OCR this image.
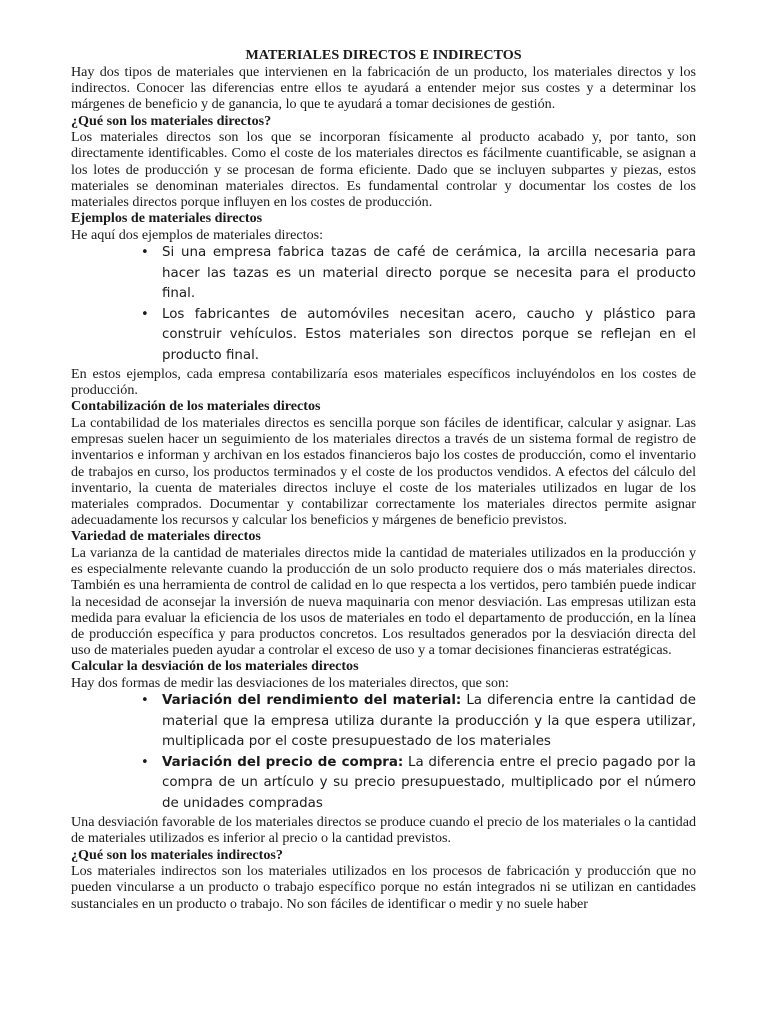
MATERIALES DIRECTOS E INDIRECTOS

Hay dos tipos de materiales que intervienen en la fabricación de un producto, los materiales directos y los indirectos. Conocer las diferencias entre ellos te ayudará a entender mejor sus costes y a determinar los márgenes de beneficio y de ganancia, lo que te ayudará a tomar decisiones de gestión.

¿Qué son los materiales directos?

Los materiales directos son los que se incorporan físicamente al producto acabado y, por tanto, son directamente identificables. Como el coste de los materiales directos es fácilmente cuantificable, se asignan a los lotes de producción y se procesan de forma eficiente. Dado que se incluyen subpartes y piezas, estos materiales se denominan materiales directos. Es fundamental controlar y documentar los costes de los materiales directos porque influyen en los costes de producción.

Ejemplos de materiales directos

He aquí dos ejemplos de materiales directos:

• Si una empresa fabrica tazas de café de cerámica, la arcilla necesaria para hacer las tazas es un material directo porque se necesita para el producto final.
• Los fabricantes de automóviles necesitan acero, caucho y plástico para construir vehículos. Estos materiales son directos porque se reflejan en el producto final.

En estos ejemplos, cada empresa contabilizaría esos materiales específicos incluyéndolos en los costes de producción.

Contabilización de los materiales directos

La contabilidad de los materiales directos es sencilla porque son fáciles de identificar, calcular y asignar. Las empresas suelen hacer un seguimiento de los materiales directos a través de un sistema formal de registro de inventarios e informan y archivan en los estados financieros bajo los costes de producción, como el inventario de trabajos en curso, los productos terminados y el coste de los productos vendidos. A efectos del cálculo del inventario, la cuenta de materiales directos incluye el coste de los materiales utilizados en lugar de los materiales comprados. Documentar y contabilizar correctamente los materiales directos permite asignar adecuadamente los recursos y calcular los beneficios y márgenes de beneficio previstos.

Variedad de materiales directos

La varianza de la cantidad de materiales directos mide la cantidad de materiales utilizados en la producción y es especialmente relevante cuando la producción de un solo producto requiere dos o más materiales directos. También es una herramienta de control de calidad en lo que respecta a los vertidos, pero también puede indicar la necesidad de aconsejar la inversión de nueva maquinaria con menor desviación. Las empresas utilizan esta medida para evaluar la eficiencia de los usos de materiales en todo el departamento de producción, en la línea de producción específica y para productos concretos. Los resultados generados por la desviación directa del uso de materiales pueden ayudar a controlar el exceso de uso y a tomar decisiones financieras estratégicas.

Calcular la desviación de los materiales directos

Hay dos formas de medir las desviaciones de los materiales directos, que son:

• Variación del rendimiento del material: La diferencia entre la cantidad de material que la empresa utiliza durante la producción y la que espera utilizar, multiplicada por el coste presupuestado de los materiales
• Variación del precio de compra: La diferencia entre el precio pagado por la compra de un artículo y su precio presupuestado, multiplicado por el número de unidades compradas

Una desviación favorable de los materiales directos se produce cuando el precio de los materiales o la cantidad de materiales utilizados es inferior al precio o la cantidad previstos.

¿Qué son los materiales indirectos?

Los materiales indirectos son los materiales utilizados en los procesos de fabricación y producción que no pueden vincularse a un producto o trabajo específico porque no están integrados ni se utilizan en cantidades sustanciales en un producto o trabajo. No son fáciles de identificar o medir y no suele haber
